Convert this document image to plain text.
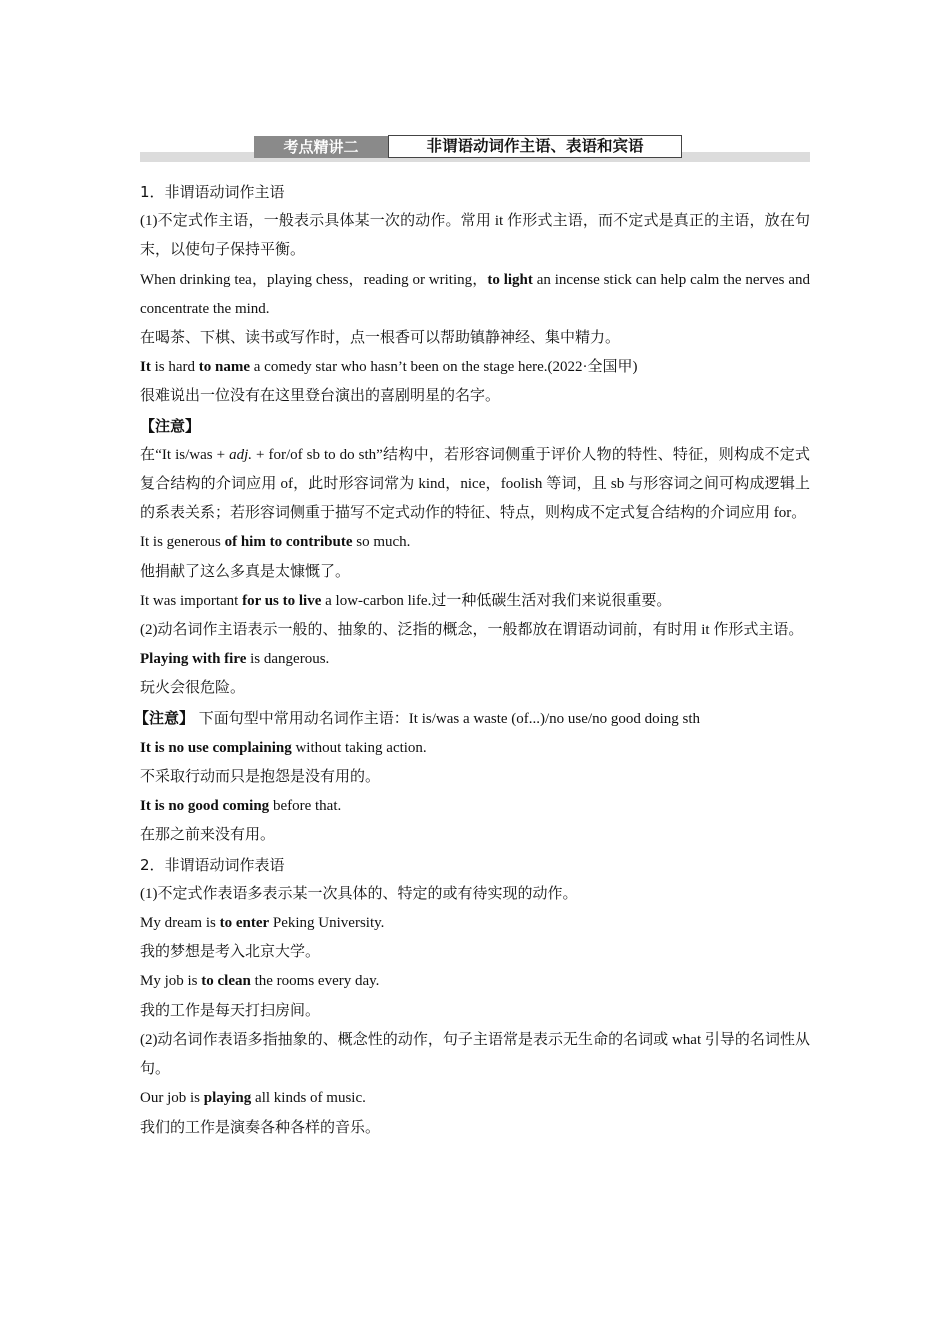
考点精讲二	非谓语动词作主语、表语和宾语

1．非谓语动词作主语

(1)不定式作主语，一般表示具体某一次的动作。常用 it 作形式主语，而不定式是真正的主语，放在句末，以使句子保持平衡。

When drinking tea，playing chess，reading or writing，to light an incense stick can help calm the nerves and concentrate the mind.

在喝茶、下棋、读书或写作时，点一根香可以帮助镇静神经、集中精力。

It is hard to name a comedy star who hasn’t been on the stage here.(2022·全国甲)

很难说出一位没有在这里登台演出的喜剧明星的名字。

【注意】

在“It is/was + adj. + for/of sb to do sth”结构中，若形容词侧重于评价人物的特性、特征，则构成不定式复合结构的介词应用 of，此时形容词常为 kind，nice，foolish 等词，且 sb 与形容词之间可构成逻辑上的系表关系；若形容词侧重于描写不定式动作的特征、特点，则构成不定式复合结构的介词应用 for。

It is generous of him to contribute so much.

他捐献了这么多真是太慷慨了。

It was important for us to live a low-carbon life.过一种低碳生活对我们来说很重要。

(2)动名词作主语表示一般的、抽象的、泛指的概念，一般都放在谓语动词前，有时用 it 作形式主语。

Playing with fire is dangerous.

玩火会很危险。

【注意】 下面句型中常用动名词作主语：It is/was a waste (of...)/no use/no good doing sth

It is no use complaining without taking action.

不采取行动而只是抱怨是没有用的。

It is no good coming before that.

在那之前来没有用。

2．非谓语动词作表语

(1)不定式作表语多表示某一次具体的、特定的或有待实现的动作。

My dream is to enter Peking University.

我的梦想是考入北京大学。

My job is to clean the rooms every day.

我的工作是每天打扫房间。

(2)动名词作表语多指抽象的、概念性的动作，句子主语常是表示无生命的名词或 what 引导的名词性从句。

Our job is playing all kinds of music.

我们的工作是演奏各种各样的音乐。
